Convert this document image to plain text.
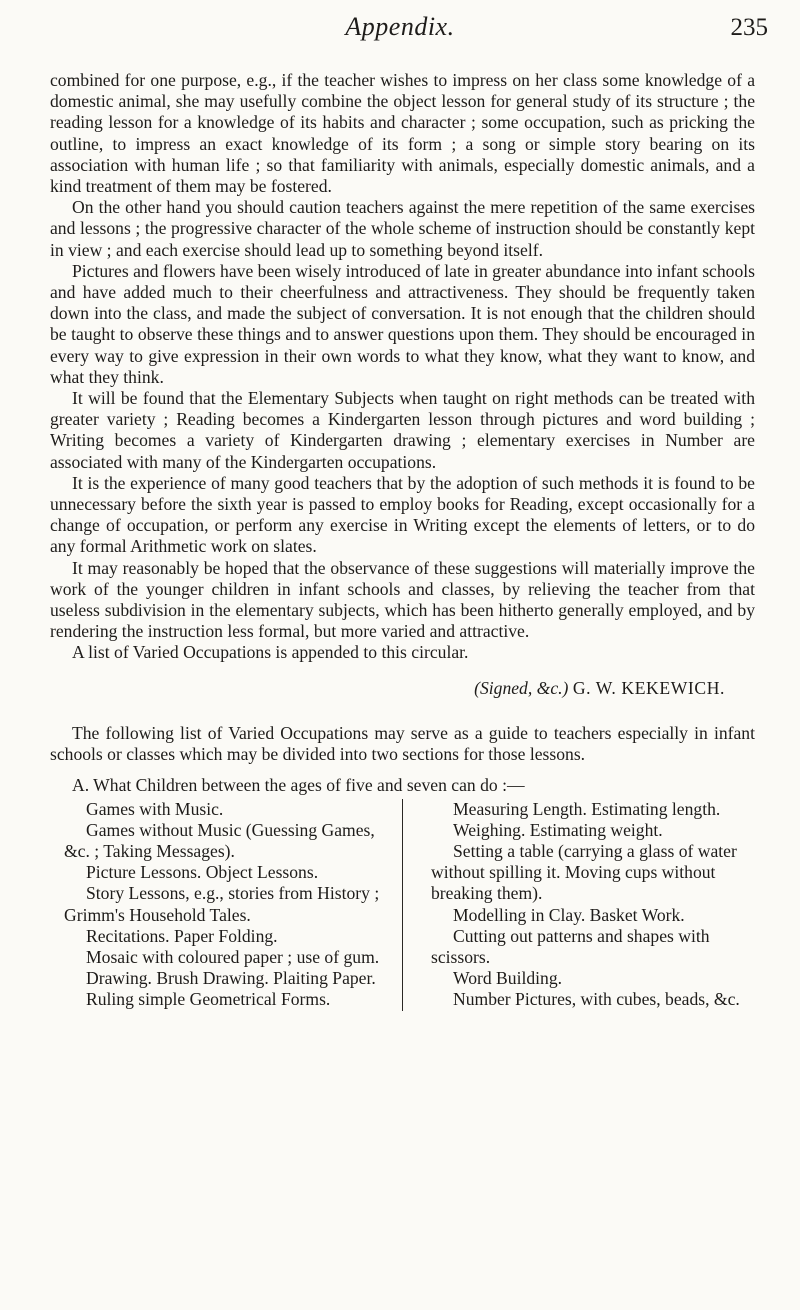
Appendix.	235

combined for one purpose, e.g., if the teacher wishes to impress on her class some knowledge of a domestic animal, she may usefully combine the object lesson for general study of its structure ; the reading lesson for a knowledge of its habits and character ; some occupation, such as pricking the outline, to impress an exact knowledge of its form ; a song or simple story bearing on its association with human life ; so that familiarity with animals, especially domestic animals, and a kind treatment of them may be fostered.

On the other hand you should caution teachers against the mere repetition of the same exercises and lessons ; the progressive character of the whole scheme of instruction should be constantly kept in view ; and each exercise should lead up to something beyond itself.

Pictures and flowers have been wisely introduced of late in greater abundance into infant schools and have added much to their cheerfulness and attractiveness. They should be frequently taken down into the class, and made the subject of conversation. It is not enough that the children should be taught to observe these things and to answer questions upon them. They should be encouraged in every way to give expression in their own words to what they know, what they want to know, and what they think.

It will be found that the Elementary Subjects when taught on right methods can be treated with greater variety ; Reading becomes a Kindergarten lesson through pictures and word building ; Writing becomes a variety of Kindergarten drawing ; elementary exercises in Number are associated with many of the Kindergarten occupations.

It is the experience of many good teachers that by the adoption of such methods it is found to be unnecessary before the sixth year is passed to employ books for Reading, except occasionally for a change of occupation, or perform any exercise in Writing except the elements of letters, or to do any formal Arithmetic work on slates.

It may reasonably be hoped that the observance of these suggestions will materially improve the work of the younger children in infant schools and classes, by relieving the teacher from that useless subdivision in the elementary subjects, which has been hitherto generally employed, and by rendering the instruction less formal, but more varied and attractive.

A list of Varied Occupations is appended to this circular.

(Signed, &c.) G. W. KEKEWICH.

The following list of Varied Occupations may serve as a guide to teachers especially in infant schools or classes which may be divided into two sections for those lessons.

A. What Children between the ages of five and seven can do :—

Games with Music.

Games without Music (Guessing Games, &c. ; Taking Messages).

Picture Lessons. Object Lessons.

Story Lessons, e.g., stories from History ; Grimm's Household Tales.

Recitations. Paper Folding.

Mosaic with coloured paper ; use of gum.

Drawing. Brush Drawing. Plaiting Paper.

Ruling simple Geometrical Forms.

Measuring Length. Estimating length.

Weighing. Estimating weight.

Setting a table (carrying a glass of water without spilling it. Moving cups without breaking them).

Modelling in Clay. Basket Work.

Cutting out patterns and shapes with scissors.

Word Building.

Number Pictures, with cubes, beads, &c.
